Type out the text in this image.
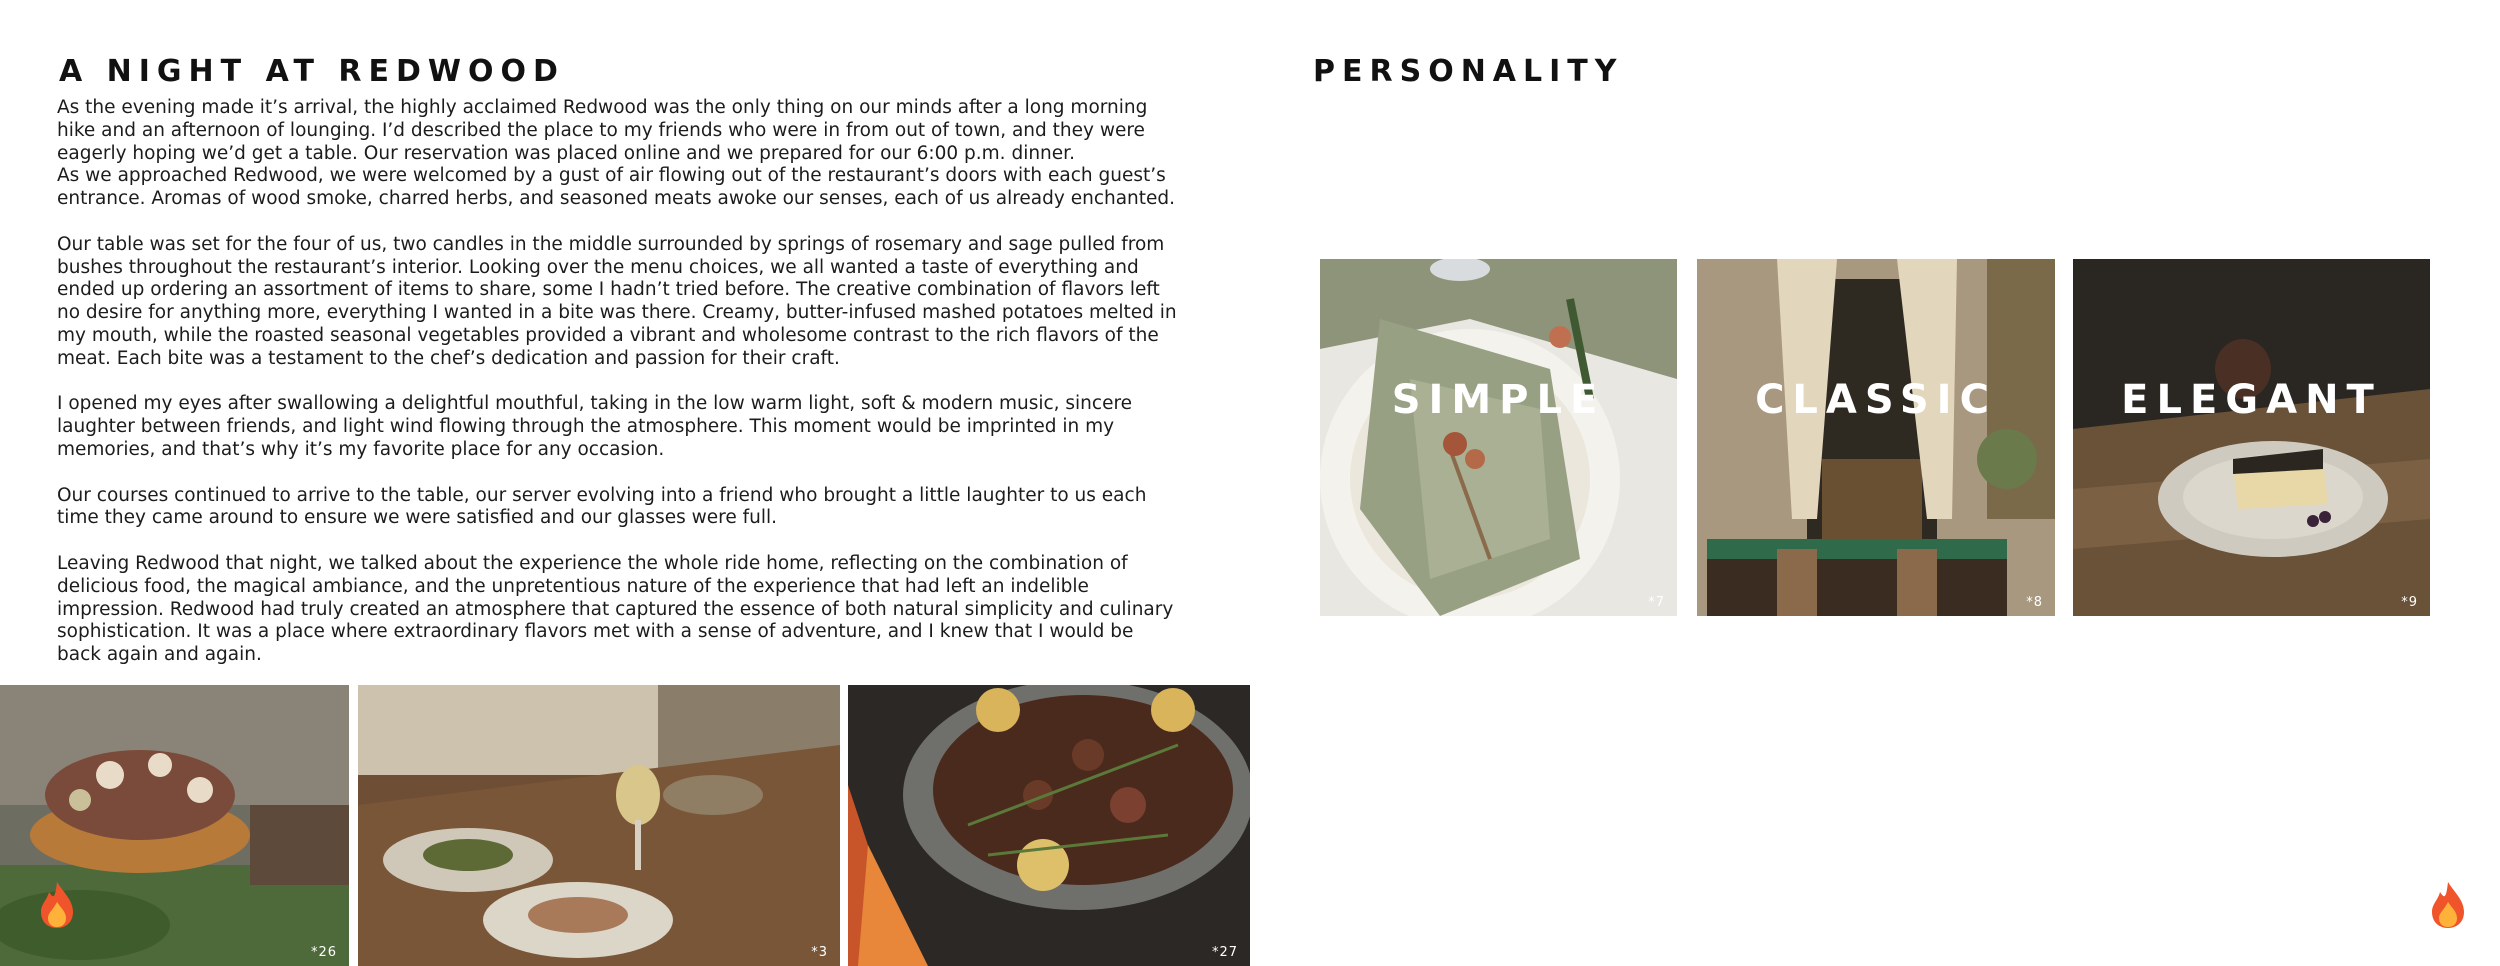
A NIGHT AT REDWOOD

As the evening made it’s arrival, the highly acclaimed Redwood was the only thing on our minds after a long morning hike and an afternoon of lounging. I’d described the place to my friends who were in from out of town, and they were eagerly hoping we’d get a table. Our reservation was placed online and we prepared for our 6:00 p.m. dinner.

As we approached Redwood, we were welcomed by a gust of air flowing out of the restaurant’s doors with each guest’s entrance. Aromas of wood smoke, charred herbs, and seasoned meats awoke our senses, each of us already enchanted.

Our table was set for the four of us, two candles in the middle surrounded by springs of rosemary and sage pulled from bushes throughout the restaurant’s interior. Looking over the menu choices, we all wanted a taste of everything and ended up ordering an assortment of items to share, some I hadn’t tried before. The creative combination of flavors left no desire for anything more, everything I wanted in a bite was there. Creamy, butter-infused mashed potatoes melted in my mouth, while the roasted seasonal vegetables provided a vibrant and wholesome contrast to the rich flavors of the meat. Each bite was a testament to the chef’s dedication and passion for their craft.

I opened my eyes after swallowing a delightful mouthful, taking in the low warm light, soft & modern music, sincere laughter between friends, and light wind flowing through the atmosphere. This moment would be imprinted in my memories, and that’s why it’s my favorite place for any occasion.

Our courses continued to arrive to the table, our server evolving into a friend who brought a little laughter to us each time they came around to ensure we were satisfied and our glasses were full.

Leaving Redwood that night, we talked about the experience the whole ride home, reflecting on the combination of delicious food, the magical ambiance, and the unpretentious nature of the experience that had left an indelible impression. Redwood had truly created an atmosphere that captured the essence of both natural simplicity and culinary sophistication. It was a place where extraordinary flavors met with a sense of adventure, and I knew that I would be back again and again.

*26	*3	*27
PERSONALITY
SIMPLE
*7
CLASSIC
*8
ELEGANT
*9
